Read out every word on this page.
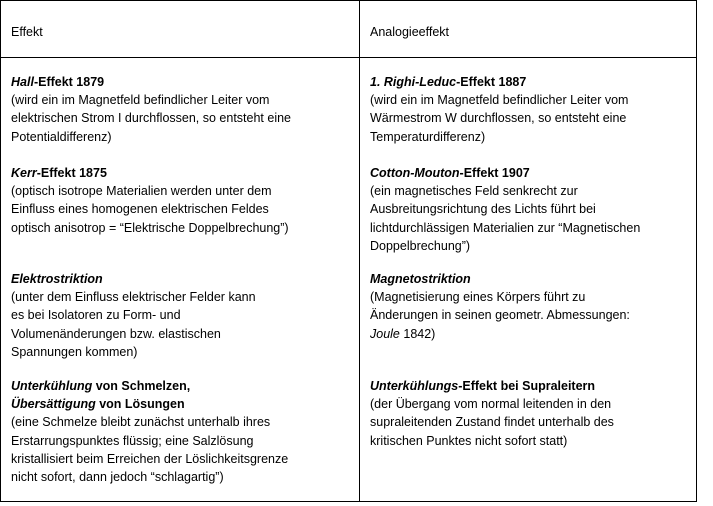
Effekt	Analogieeffekt
Hall-Effekt 1879
(wird ein im Magnetfeld befindlicher Leiter vom
elektrischen Strom I durchflossen, so entsteht eine
Potentialdifferenz)
1. Righi-Leduc-Effekt 1887
(wird ein im Magnetfeld befindlicher Leiter vom
Wärmestrom W durchflossen, so entsteht eine
Temperaturdifferenz)
Kerr-Effekt 1875
(optisch isotrope Materialien werden unter dem
Einfluss eines homogenen elektrischen Feldes
optisch anisotrop = “Elektrische Doppelbrechung”)
Cotton-Mouton-Effekt 1907
(ein magnetisches Feld senkrecht zur
Ausbreitungsrichtung des Lichts führt bei
lichtdurchlässigen Materialien zur “Magnetischen
Doppelbrechung”)
Elektrostriktion
(unter dem Einfluss elektrischer Felder kann
es bei Isolatoren zu Form- und
Volumenänderungen bzw. elastischen
Spannungen kommen)
Magnetostriktion
(Magnetisierung eines Körpers führt zu
Änderungen in seinen geometr. Abmessungen:
Joule 1842)
Unterkühlung von Schmelzen,
Übersättigung von Lösungen
(eine Schmelze bleibt zunächst unterhalb ihres
Erstarrungspunktes flüssig; eine Salzlösung
kristallisiert beim Erreichen der Löslichkeitsgrenze
nicht sofort, dann jedoch “schlagartig”)
Unterkühlungs-Effekt bei Supraleitern
(der Übergang vom normal leitenden in den
supraleitenden Zustand findet unterhalb des
kritischen Punktes nicht sofort statt)
